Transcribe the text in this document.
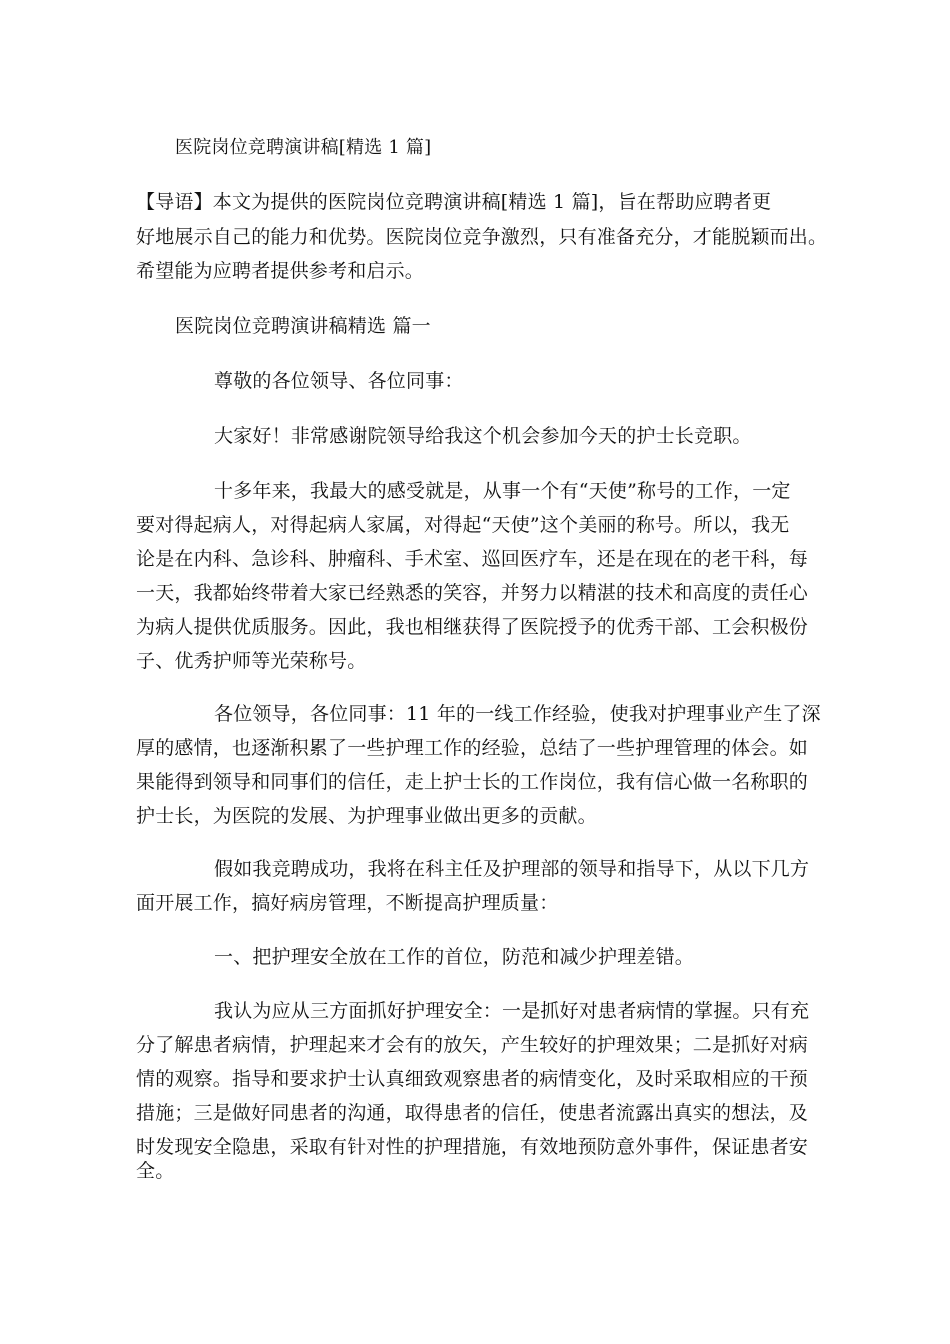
医院岗位竞聘演讲稿[精选 1 篇]
【导语】本文为提供的医院岗位竞聘演讲稿[精选 1 篇]，旨在帮助应聘者更
好地展示自己的能力和优势。医院岗位竞争激烈，只有准备充分，才能脱颖而出。
希望能为应聘者提供参考和启示。
医院岗位竞聘演讲稿精选 篇一
尊敬的各位领导、各位同事：
大家好！非常感谢院领导给我这个机会参加今天的护士长竞职。
十多年来，我最大的感受就是，从事一个有“天使”称号的工作，一定
要对得起病人，对得起病人家属，对得起“天使”这个美丽的称号。所以，我无
论是在内科、急诊科、肿瘤科、手术室、巡回医疗车，还是在现在的老干科，每
一天，我都始终带着大家已经熟悉的笑容，并努力以精湛的技术和高度的责任心
为病人提供优质服务。因此，我也相继获得了医院授予的优秀干部、工会积极份
子、优秀护师等光荣称号。
各位领导，各位同事：11 年的一线工作经验，使我对护理事业产生了深
厚的感情，也逐渐积累了一些护理工作的经验，总结了一些护理管理的体会。如
果能得到领导和同事们的信任，走上护士长的工作岗位，我有信心做一名称职的
护士长，为医院的发展、为护理事业做出更多的贡献。
假如我竞聘成功，我将在科主任及护理部的领导和指导下，从以下几方
面开展工作，搞好病房管理，不断提高护理质量：
一、把护理安全放在工作的首位，防范和减少护理差错。
我认为应从三方面抓好护理安全：一是抓好对患者病情的掌握。只有充
分了解患者病情，护理起来才会有的放矢，产生较好的护理效果；二是抓好对病
情的观察。指导和要求护士认真细致观察患者的病情变化，及时采取相应的干预
措施；三是做好同患者的沟通，取得患者的信任，使患者流露出真实的想法，及
时发现安全隐患，采取有针对性的护理措施，有效地预防意外事件，保证患者安
全。
